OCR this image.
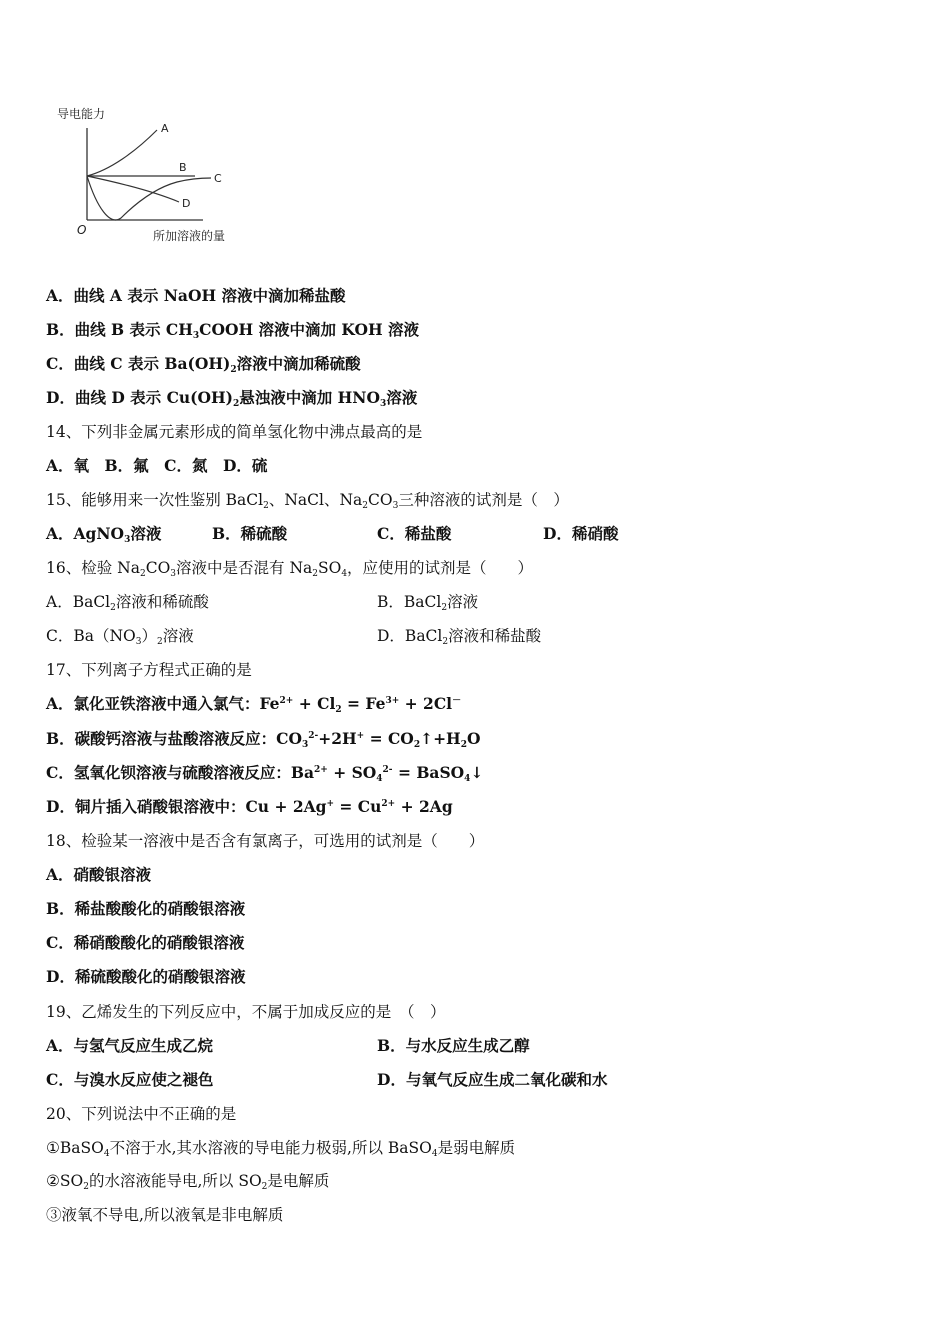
导电能力
O	所加溶液的量
A
B
C
D
A．曲线 A 表示 NaOH 溶液中滴加稀盐酸
B．曲线 B 表示 $CH_3COOH$ 溶液中滴加 KOH 溶液
C．曲线 C 表示 $Ba(OH)_2$溶液中滴加稀硫酸
D．曲线 D 表示 $Cu(OH)_2$悬浊液中滴加 $HNO_3$溶液
14、下列非金属元素形成的简单氢化物中沸点最高的是
A．氧　B．氟　C．氮　D．硫
15、能够用来一次性鉴别 BaCl$_2$、NaCl、$Na_2CO_3$三种溶液的试剂是（　）
A．AgNO$_3$溶液	B．稀硫酸	C．稀盐酸	D．稀硝酸
16、检验 $Na_2CO_3$溶液中是否混有 $Na_2SO_4$，应使用的试剂是（　　）
A．BaCl$_2$溶液和稀硫酸	B．BaCl$_2$溶液
C．$Ba(NO_3)_2$溶液	D．BaCl$_2$溶液和稀盐酸
17、下列离子方程式正确的是
A．氯化亚铁溶液中通入氯气：$Fe^{2+} + Cl_2 = Fe^{3+} + 2Cl^-$
B．碳酸钙溶液与盐酸溶液反应：$CO_3^{2-}+2H^+$ = $CO_2↑+H_2O$
C．氢氧化钡溶液与硫酸溶液反应：$Ba^{2+} + SO_4^{2-}$ = BaSO$_4$↓
D．铜片插入硝酸银溶液中：$Cu + 2Ag^+ = Cu^{2+} + 2Ag$
18、检验某一溶液中是否含有氯离子，可选用的试剂是（　　）
A．硝酸银溶液
B．稀盐酸酸化的硝酸银溶液
C．稀硝酸酸化的硝酸银溶液
D．稀硫酸酸化的硝酸银溶液
19、乙烯发生的下列反应中，不属于加成反应的是　（　）
A．与氢气反应生成乙烷	B．与水反应生成乙醇
C．与溴水反应使之褪色	D．与氧气反应生成二氧化碳和水
20、下列说法中不正确的是
①BaSO$_4$不溶于水,其水溶液的导电能力极弱,所以 BaSO$_4$是弱电解质
$②SO_2$的水溶液能导电,所以 $SO_2$是电解质
③液氧不导电,所以液氧是非电解质
